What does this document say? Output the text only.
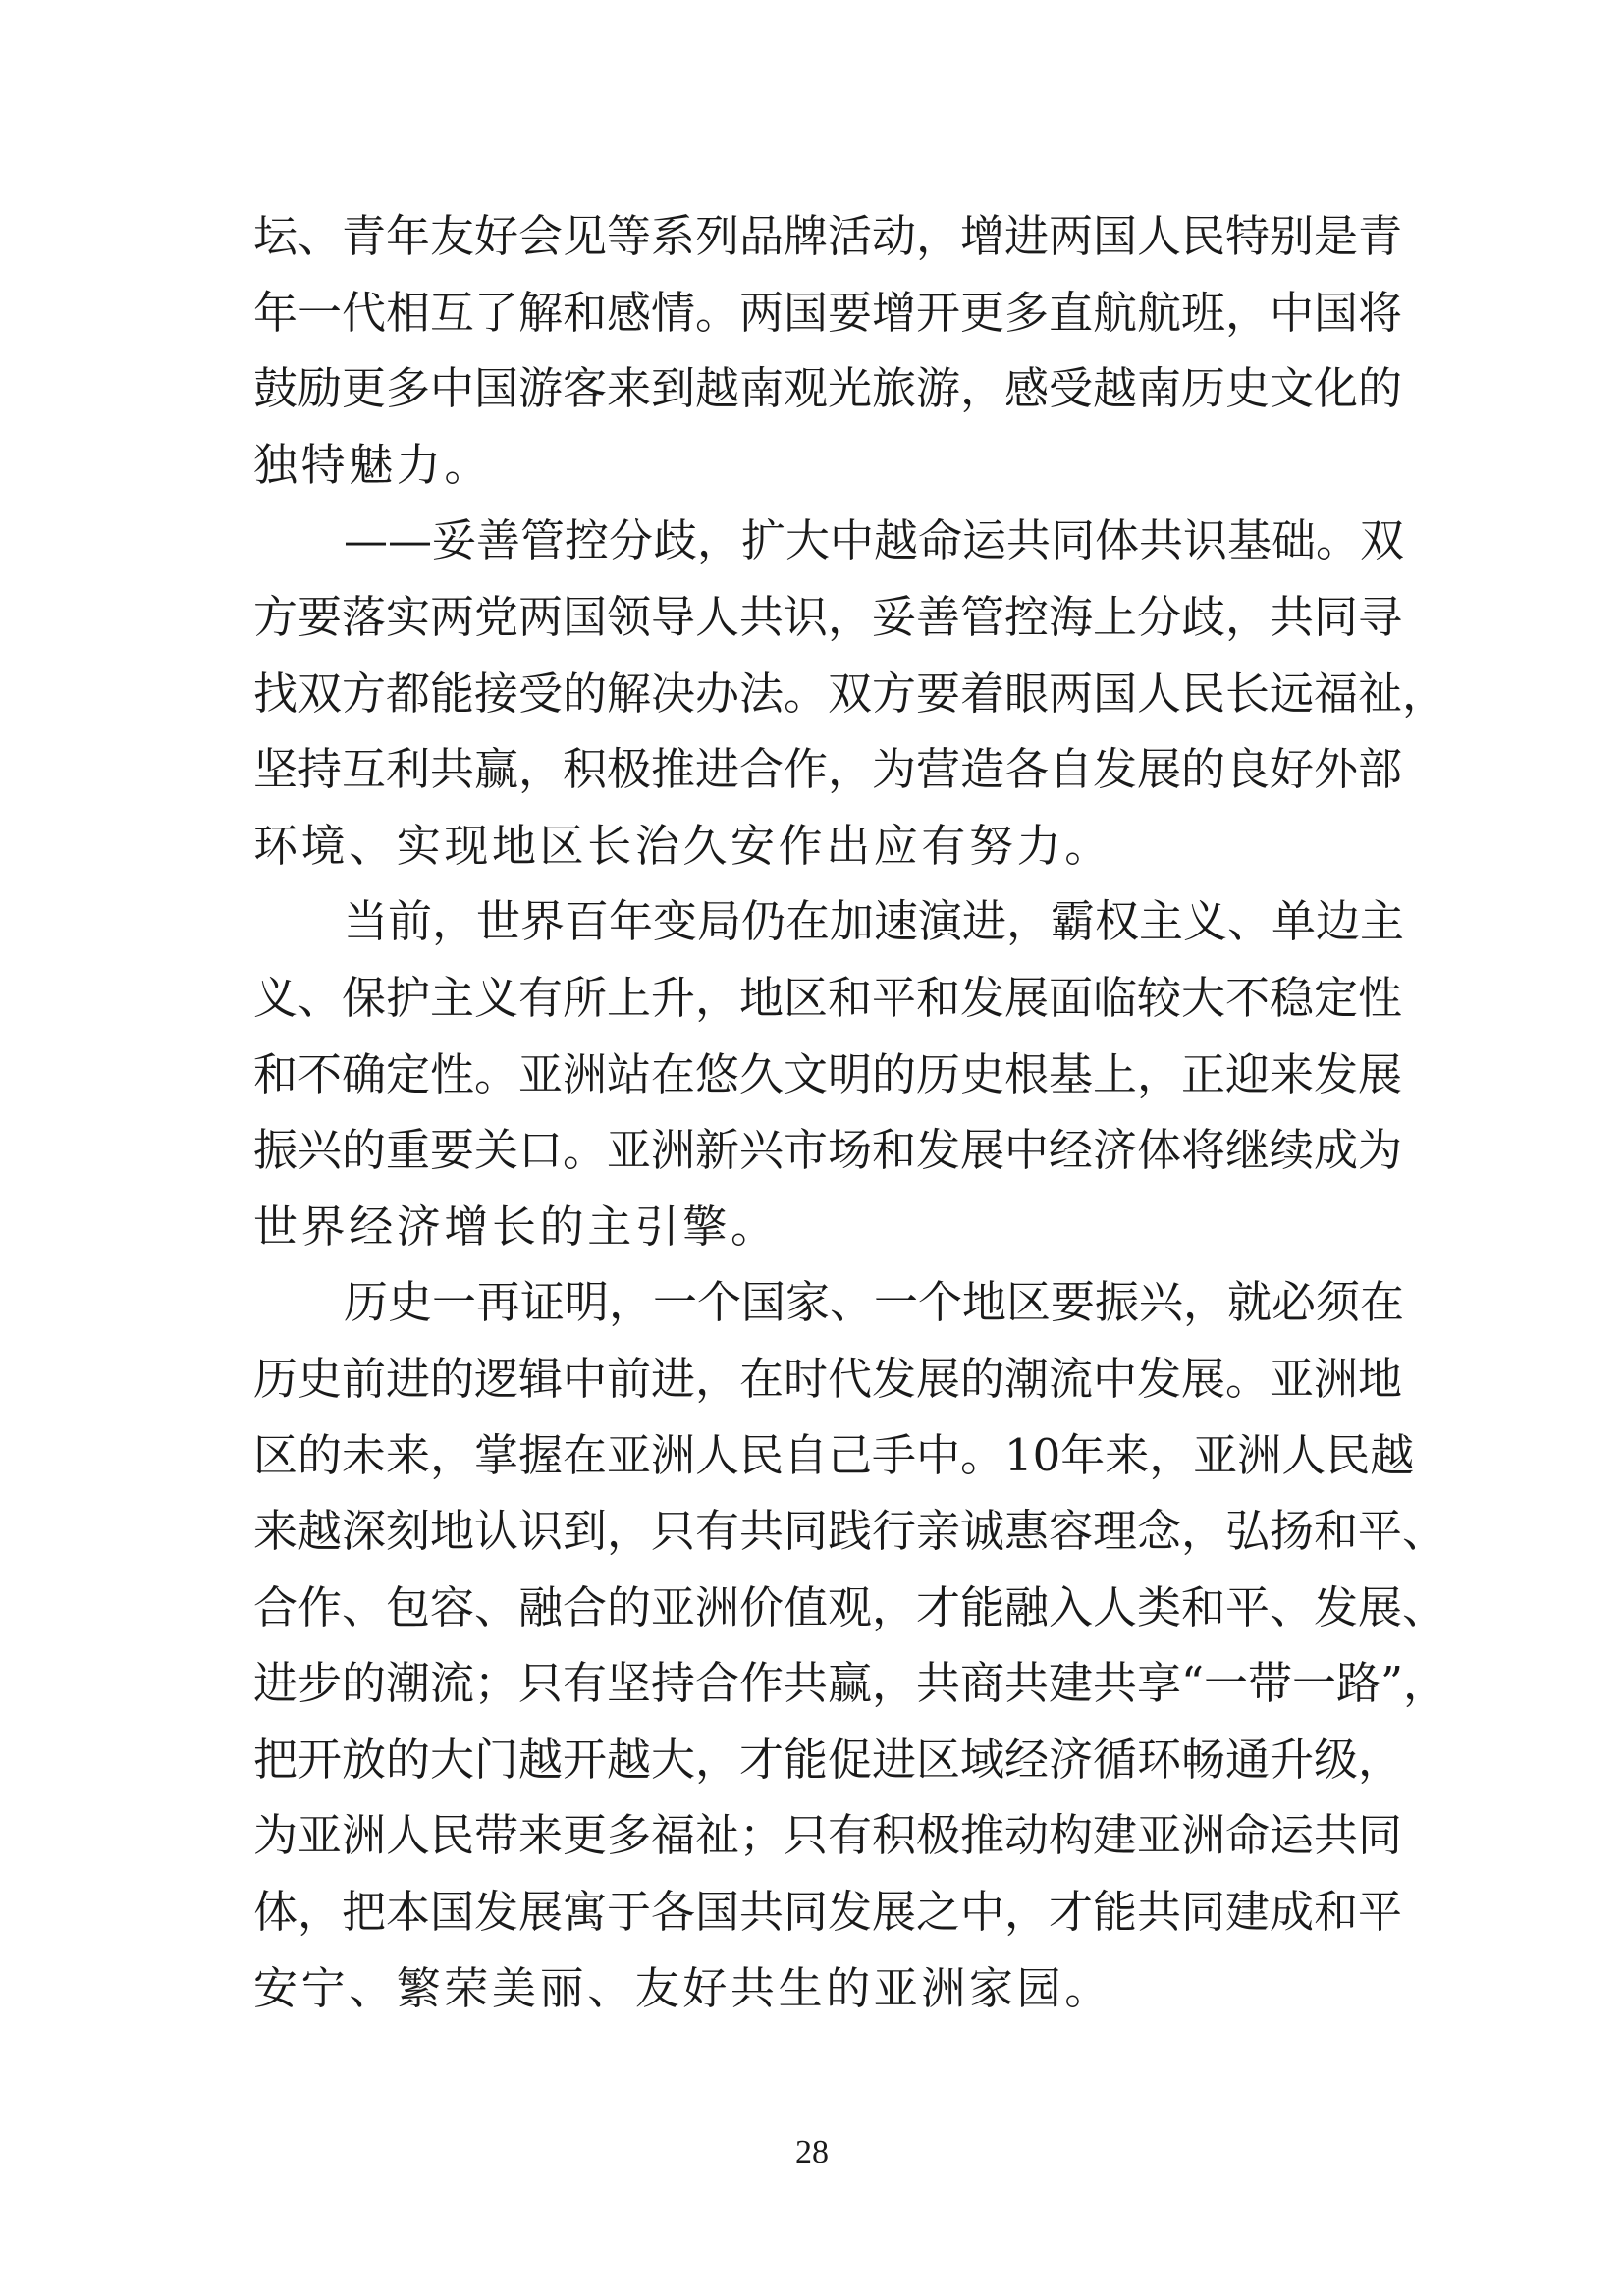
坛、青年友好会见等系列品牌活动，增进两国人民特别是青
年一代相互了解和感情。两国要增开更多直航航班，中国将
鼓励更多中国游客来到越南观光旅游，感受越南历史文化的
独特魅力。
——妥善管控分歧，扩大中越命运共同体共识基础。双
方要落实两党两国领导人共识，妥善管控海上分歧，共同寻
找双方都能接受的解决办法。双方要着眼两国人民长远福祉，
坚持互利共赢，积极推进合作，为营造各自发展的良好外部
环境、实现地区长治久安作出应有努力。
当前，世界百年变局仍在加速演进，霸权主义、单边主
义、保护主义有所上升，地区和平和发展面临较大不稳定性
和不确定性。亚洲站在悠久文明的历史根基上，正迎来发展
振兴的重要关口。亚洲新兴市场和发展中经济体将继续成为
世界经济增长的主引擎。
历史一再证明，一个国家、一个地区要振兴，就必须在
历史前进的逻辑中前进，在时代发展的潮流中发展。亚洲地
区的未来，掌握在亚洲人民自己手中。10年来，亚洲人民越
来越深刻地认识到，只有共同践行亲诚惠容理念，弘扬和平、
合作、包容、融合的亚洲价值观，才能融入人类和平、发展、
进步的潮流；只有坚持合作共赢，共商共建共享“一带一路”，
把开放的大门越开越大，才能促进区域经济循环畅通升级，
为亚洲人民带来更多福祉；只有积极推动构建亚洲命运共同
体，把本国发展寓于各国共同发展之中，才能共同建成和平
安宁、繁荣美丽、友好共生的亚洲家园。
28
